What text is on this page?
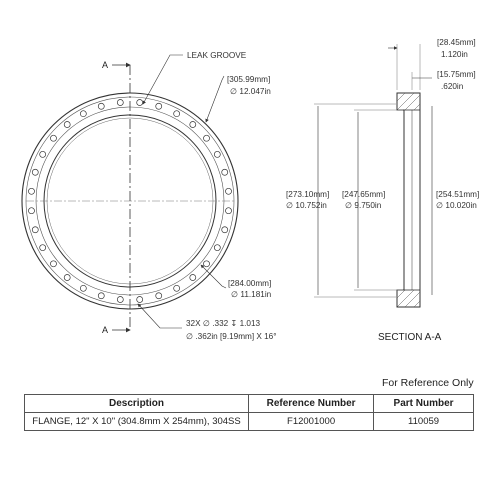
A
A
LEAK GROOVE
[305.99mm]
∅ 12.047in
[284.00mm]
∅ 11.181in
32X ∅ .332 ↧ 1.013
∅ .362in [9.19mm] X 16°
[28.45mm]
1.120in
[15.75mm]
.620in
[273.10mm]
∅ 10.752in
[247.65mm]
∅ 9.750in
[254.51mm]
∅ 10.020in
SECTION A-A
For Reference Only
Description	Reference Number	Part Number
FLANGE, 12" X 10" (304.8mm X 254mm), 304SS	F12001000	110059
